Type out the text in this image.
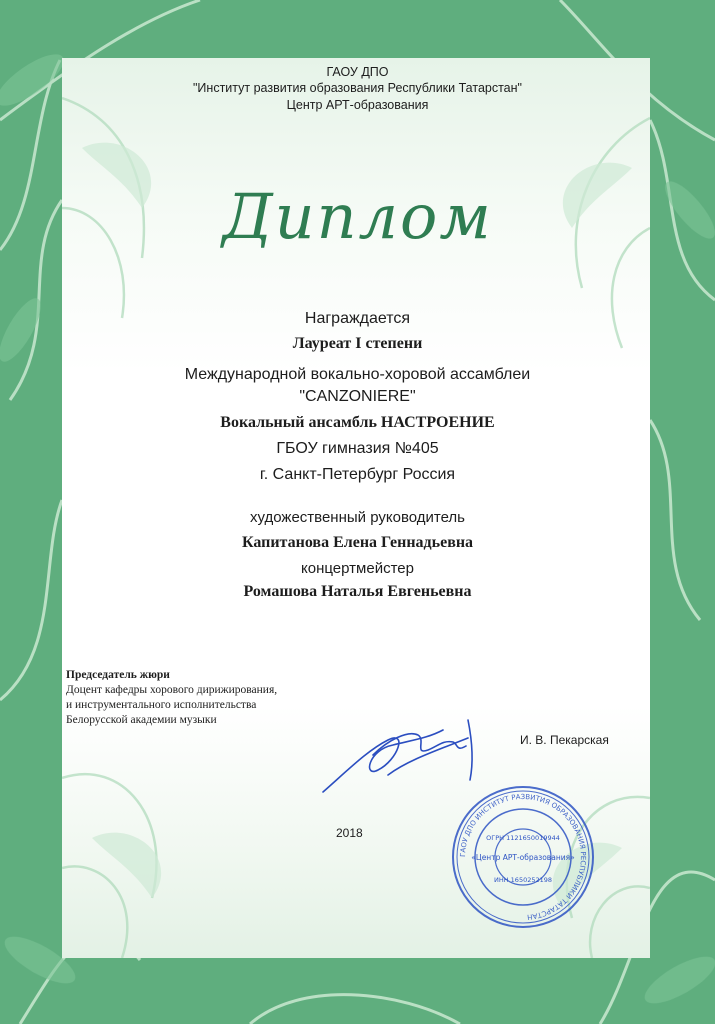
ГАОУ ДПО
"Институт развития образования Республики Татарстан"
Центр АРТ-образования
Диплом
Награждается
Лауреат I степени
Международной вокально-хоровой ассамблеи
"CANZONIERE"
Вокальный ансамбль НАСТРОЕНИЕ
ГБОУ гимназия №405
г. Санкт-Петербург Россия
художественный руководитель
Капитанова Елена Геннадьевна
концертмейстер
Ромашова Наталья Евгеньевна
Председатель жюри
Доцент кафедры хорового дирижирования,
и инструментального исполнительства
Белорусской академии музыки
И. В. Пекарская
2018
ГАОУ ДПО ИНСТИТУТ РАЗВИТИЯ ОБРАЗОВАНИЯ РЕСПУБЛИКИ ТАТАРСТАН
ОГРН 1121650019944
«Центр АРТ-образования»
ИНН 1650252198
